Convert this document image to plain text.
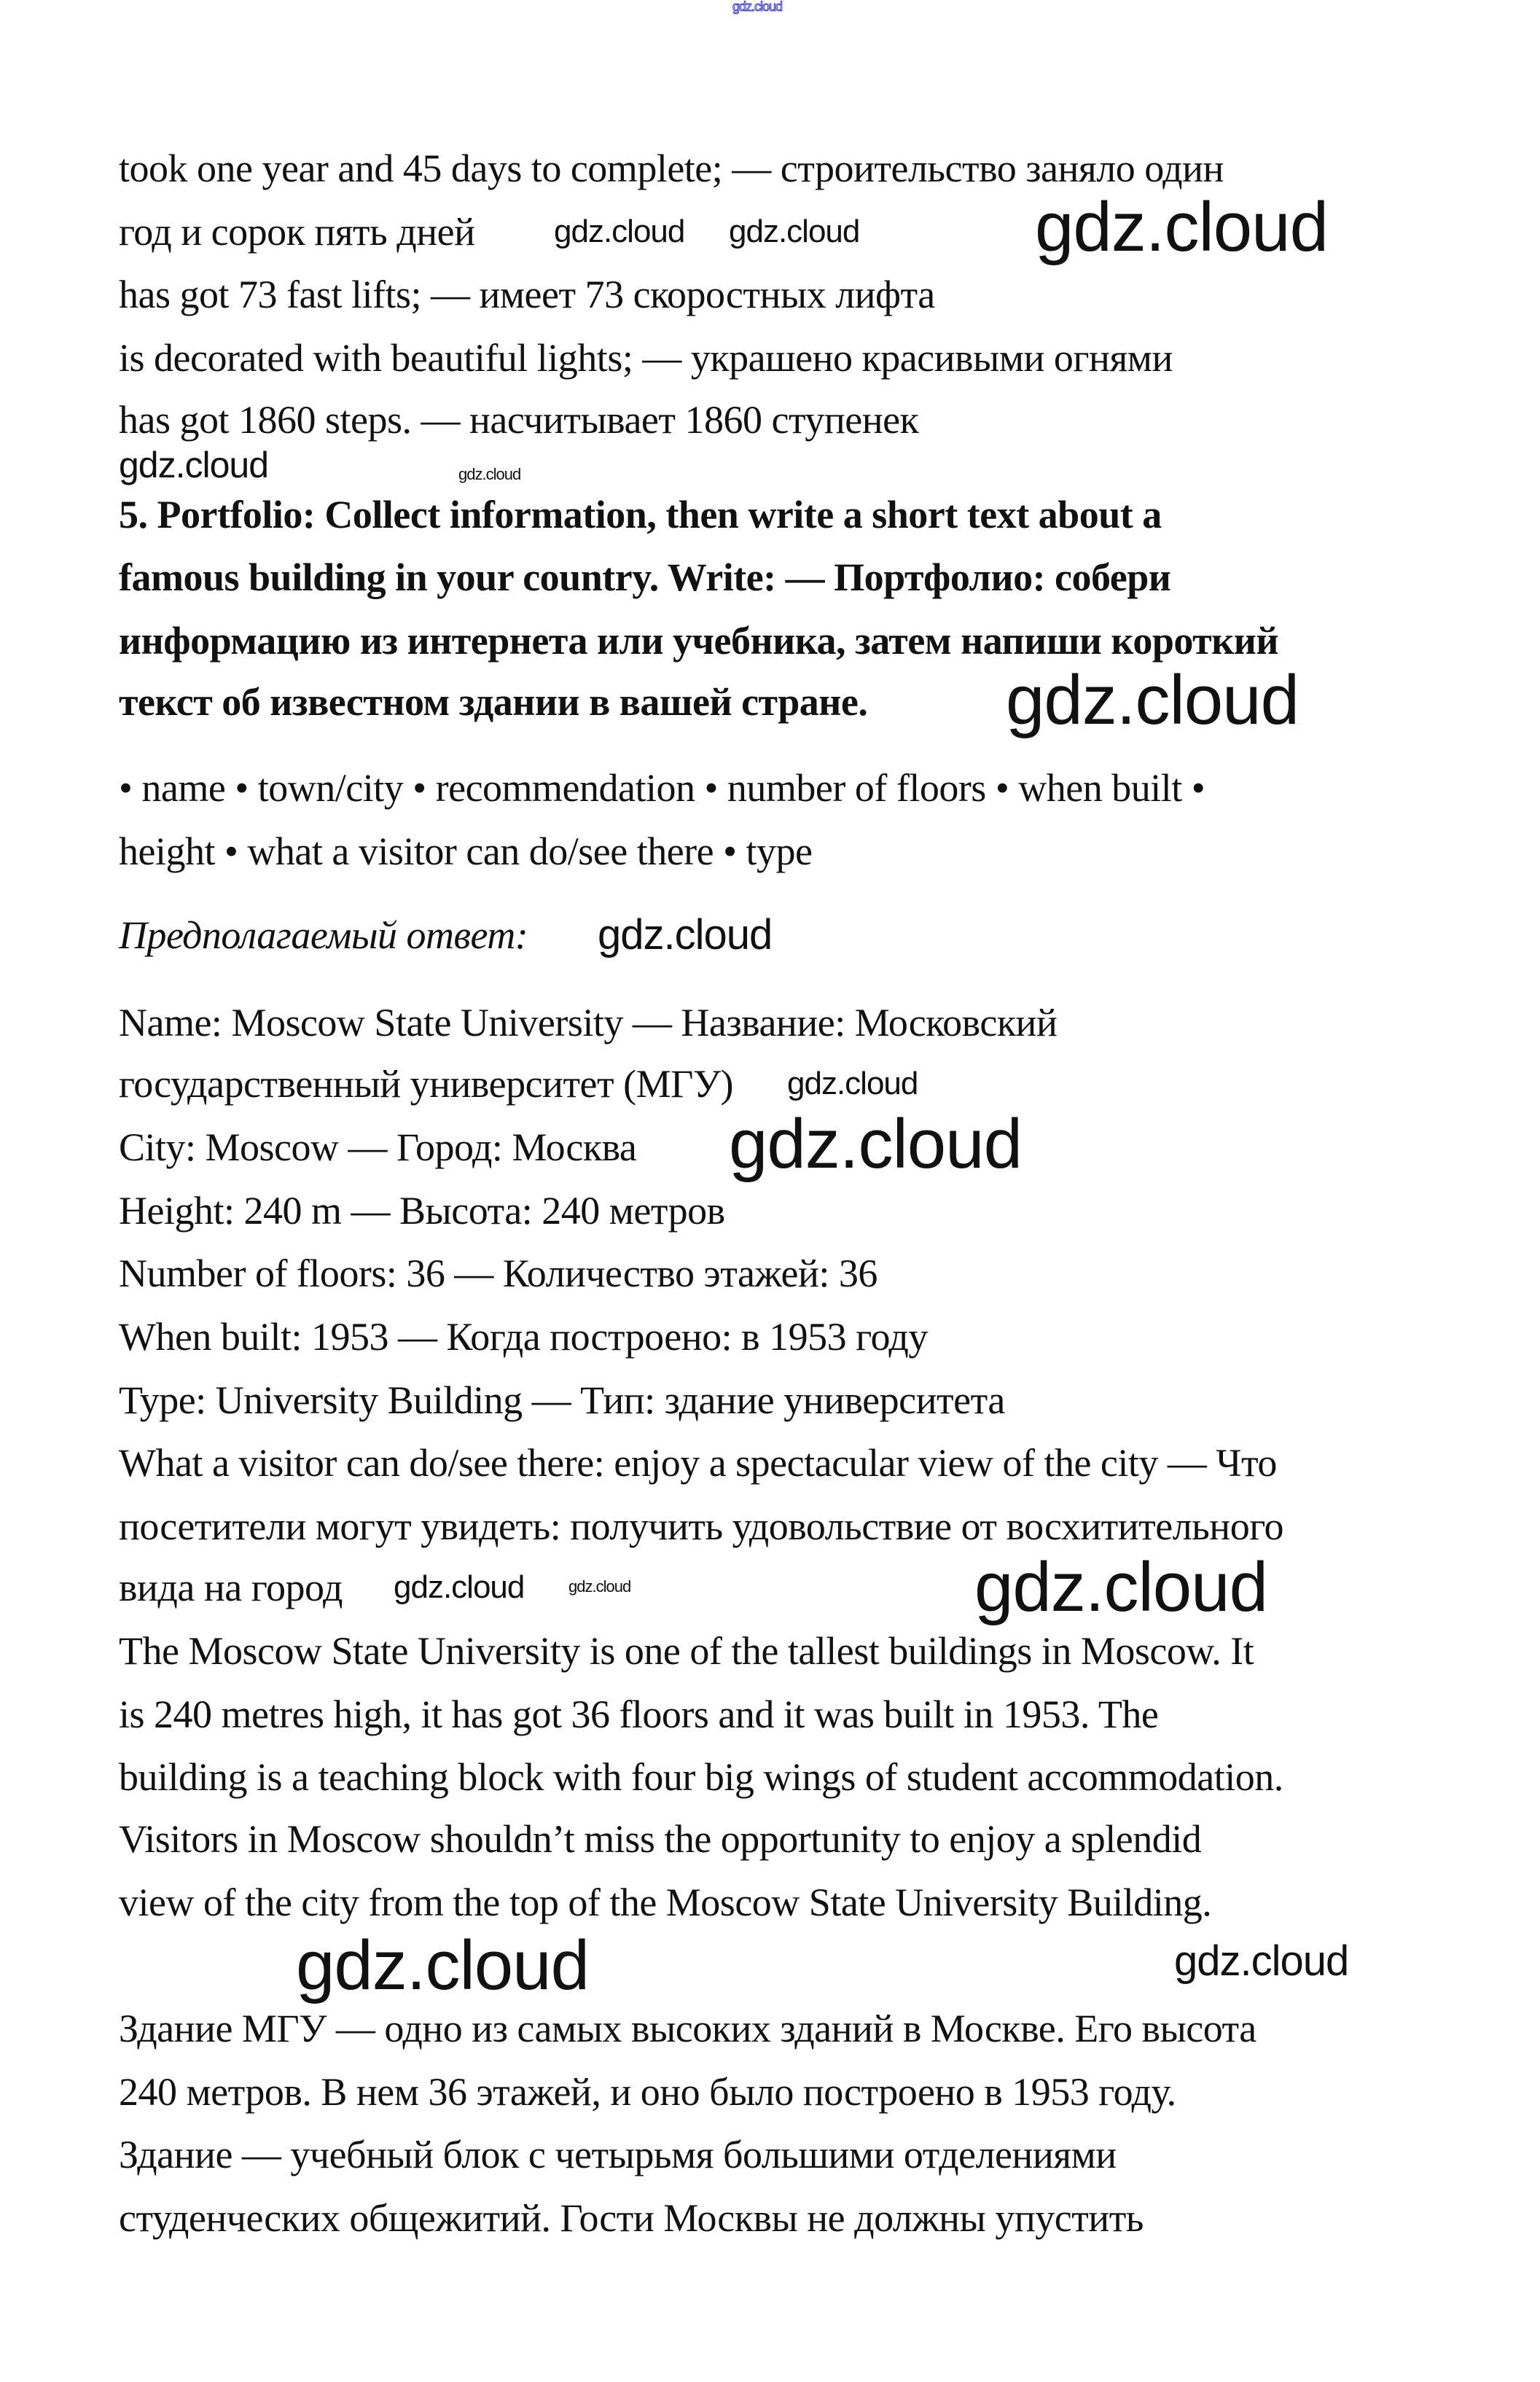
took one year and 45 days to complete; — строительство заняло один
год и сорок пять дней
has got 73 fast lifts; — имеет 73 скоростных лифта
is decorated with beautiful lights; — украшено красивыми огнями
has got 1860 steps. — насчитывает 1860 ступенек
5. Portfolio: Collect information, then write a short text about a
famous building in your country. Write: — Портфолио: собери
информацию из интернета или учебника, затем напиши короткий
текст об известном здании в вашей стране.
• name • town/city • recommendation • number of floors • when built •
height • what a visitor can do/see there • type
Предполагаемый ответ:
Name: Moscow State University — Название: Московский
государственный университет (МГУ)
City: Moscow — Город: Москва
Height: 240 m — Высота: 240 метров
Number of floors: 36 — Количество этажей: 36
When built: 1953 — Когда построено: в 1953 году
Type: University Building — Тип: здание университета
What a visitor can do/see there: enjoy a spectacular view of the city — Что
посетители могут увидеть: получить удовольствие от восхитительного
вида на город
The Moscow State University is one of the tallest buildings in Moscow. It
is 240 metres high, it has got 36 floors and it was built in 1953. The
building is a teaching block with four big wings of student accommodation.
Visitors in Moscow shouldn’t miss the opportunity to enjoy a splendid
view of the city from the top of the Moscow State University Building.
Здание МГУ — одно из самых высоких зданий в Москве. Его высота
240 метров. В нем 36 этажей, и оно было построено в 1953 году.
Здание — учебный блок с четырьмя большими отделениями
студенческих общежитий. Гости Москвы не должны упустить
gdz.cloud
gdz.cloud gdz.cloud	gdz.cloud
gdz.cloud	gdz.cloud
gdz.cloud
gdz.cloud
gdz.cloud
gdz.cloud
gdz.cloud	gdz.cloud	gdz.cloud
gdz.cloud	gdz.cloud
